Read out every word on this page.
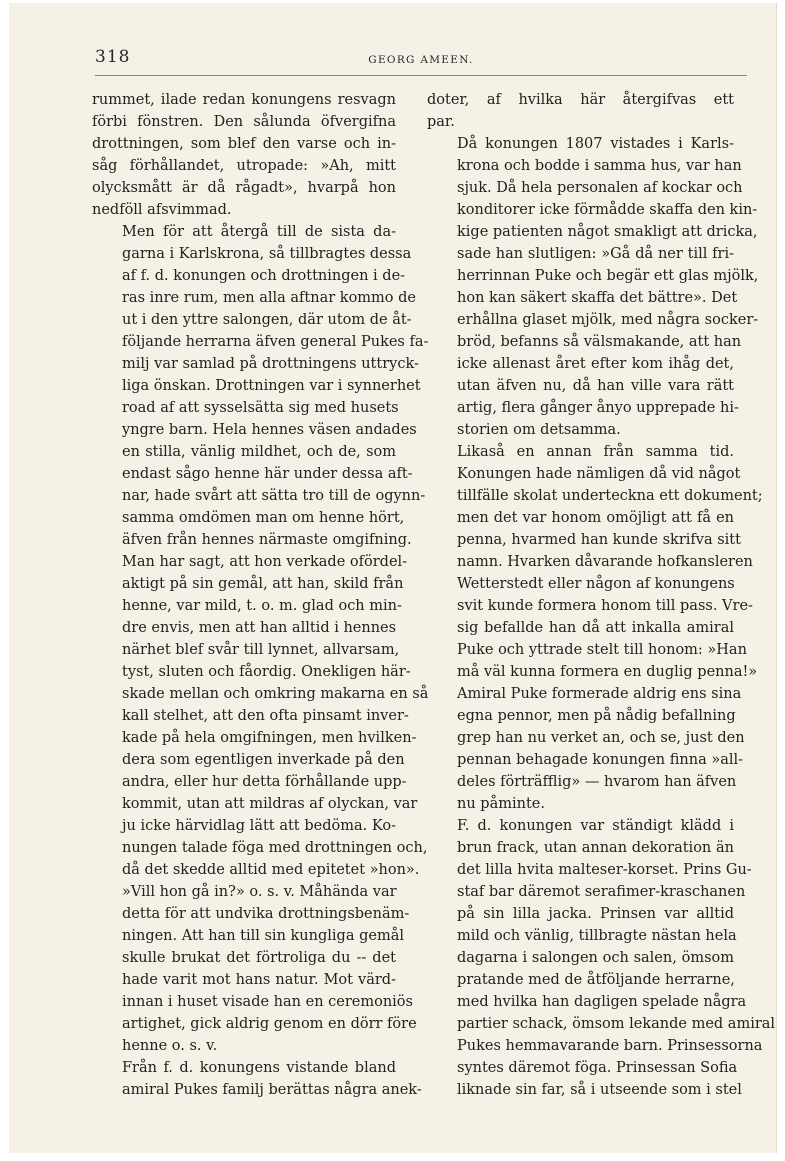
318	GEORG AMEEN.
rummet, ilade redan konungens resvagn
förbi fönstren. Den sålunda öfvergifna
drottningen, som blef den varse och in-
såg förhållandet, utropade: »Ah, mitt
olycksmått är då rågadt», hvarpå hon
nedföll afsvimmad.
Men för att återgå till de sista da-
garna i Karlskrona, så tillbragtes dessa
af f. d. konungen och drottningen i de-
ras inre rum, men alla aftnar kommo de
ut i den yttre salongen, där utom de åt-
följande herrarna äfven general Pukes fa-
milj var samlad på drottningens uttryck-
liga önskan. Drottningen var i synnerhet
road af att sysselsätta sig med husets
yngre barn. Hela hennes väsen andades
en stilla, vänlig mildhet, och de, som
endast sågo henne här under dessa aft-
nar, hade svårt att sätta tro till de ogynn-
samma omdömen man om henne hört,
äfven från hennes närmaste omgifning.
Man har sagt, att hon verkade ofördel-
aktigt på sin gemål, att han, skild från
henne, var mild, t. o. m. glad och min-
dre envis, men att han alltid i hennes
närhet blef svår till lynnet, allvarsam,
tyst, sluten och fåordig. Onekligen här-
skade mellan och omkring makarna en så
kall stelhet, att den ofta pinsamt inver-
kade på hela omgifningen, men hvilken-
dera som egentligen inverkade på den
andra, eller hur detta förhållande upp-
kommit, utan att mildras af olyckan, var
ju icke härvidlag lätt att bedöma. Ko-
nungen talade föga med drottningen och,
då det skedde alltid med epitetet »hon».
»Vill hon gå in?» o. s. v. Måhända var
detta för att undvika drottningsbenäm-
ningen. Att han till sin kungliga gemål
skulle brukat det förtroliga du -- det
hade varit mot hans natur. Mot värd-
innan i huset visade han en ceremoniös
artighet, gick aldrig genom en dörr före
henne o. s. v.
Från f. d. konungens vistande bland
amiral Pukes familj berättas några anek-
doter, af hvilka här återgifvas ett
par.
Då konungen 1807 vistades i Karls-
krona och bodde i samma hus, var han
sjuk. Då hela personalen af kockar och
konditorer icke förmådde skaffa den kin-
kige patienten något smakligt att dricka,
sade han slutligen: »Gå då ner till fri-
herrinnan Puke och begär ett glas mjölk,
hon kan säkert skaffa det bättre». Det
erhållna glaset mjölk, med några socker-
bröd, befanns så välsmakande, att han
icke allenast året efter kom ihåg det,
utan äfven nu, då han ville vara rätt
artig, flera gånger ånyo upprepade hi-
storien om detsamma.
Likaså en annan från samma tid.
Konungen hade nämligen då vid något
tillfälle skolat underteckna ett dokument;
men det var honom omöjligt att få en
penna, hvarmed han kunde skrifva sitt
namn. Hvarken dåvarande hofkansleren
Wetterstedt eller någon af konungens
svit kunde formera honom till pass. Vre-
sig befallde han då att inkalla amiral
Puke och yttrade stelt till honom: »Han
må väl kunna formera en duglig penna!»
Amiral Puke formerade aldrig ens sina
egna pennor, men på nådig befallning
grep han nu verket an, och se, just den
pennan behagade konungen finna »all-
deles förträfflig» — hvarom han äfven
nu påminte.
F. d. konungen var ständigt klädd i
brun frack, utan annan dekoration än
det lilla hvita malteser-korset. Prins Gu-
staf bar däremot serafimer-kraschanen
på sin lilla jacka. Prinsen var alltid
mild och vänlig, tillbragte nästan hela
dagarna i salongen och salen, ömsom
pratande med de åtföljande herrarne,
med hvilka han dagligen spelade några
partier schack, ömsom lekande med amiral
Pukes hemmavarande barn. Prinsessorna
syntes däremot föga. Prinsessan Sofia
liknade sin far, så i utseende som i stel
